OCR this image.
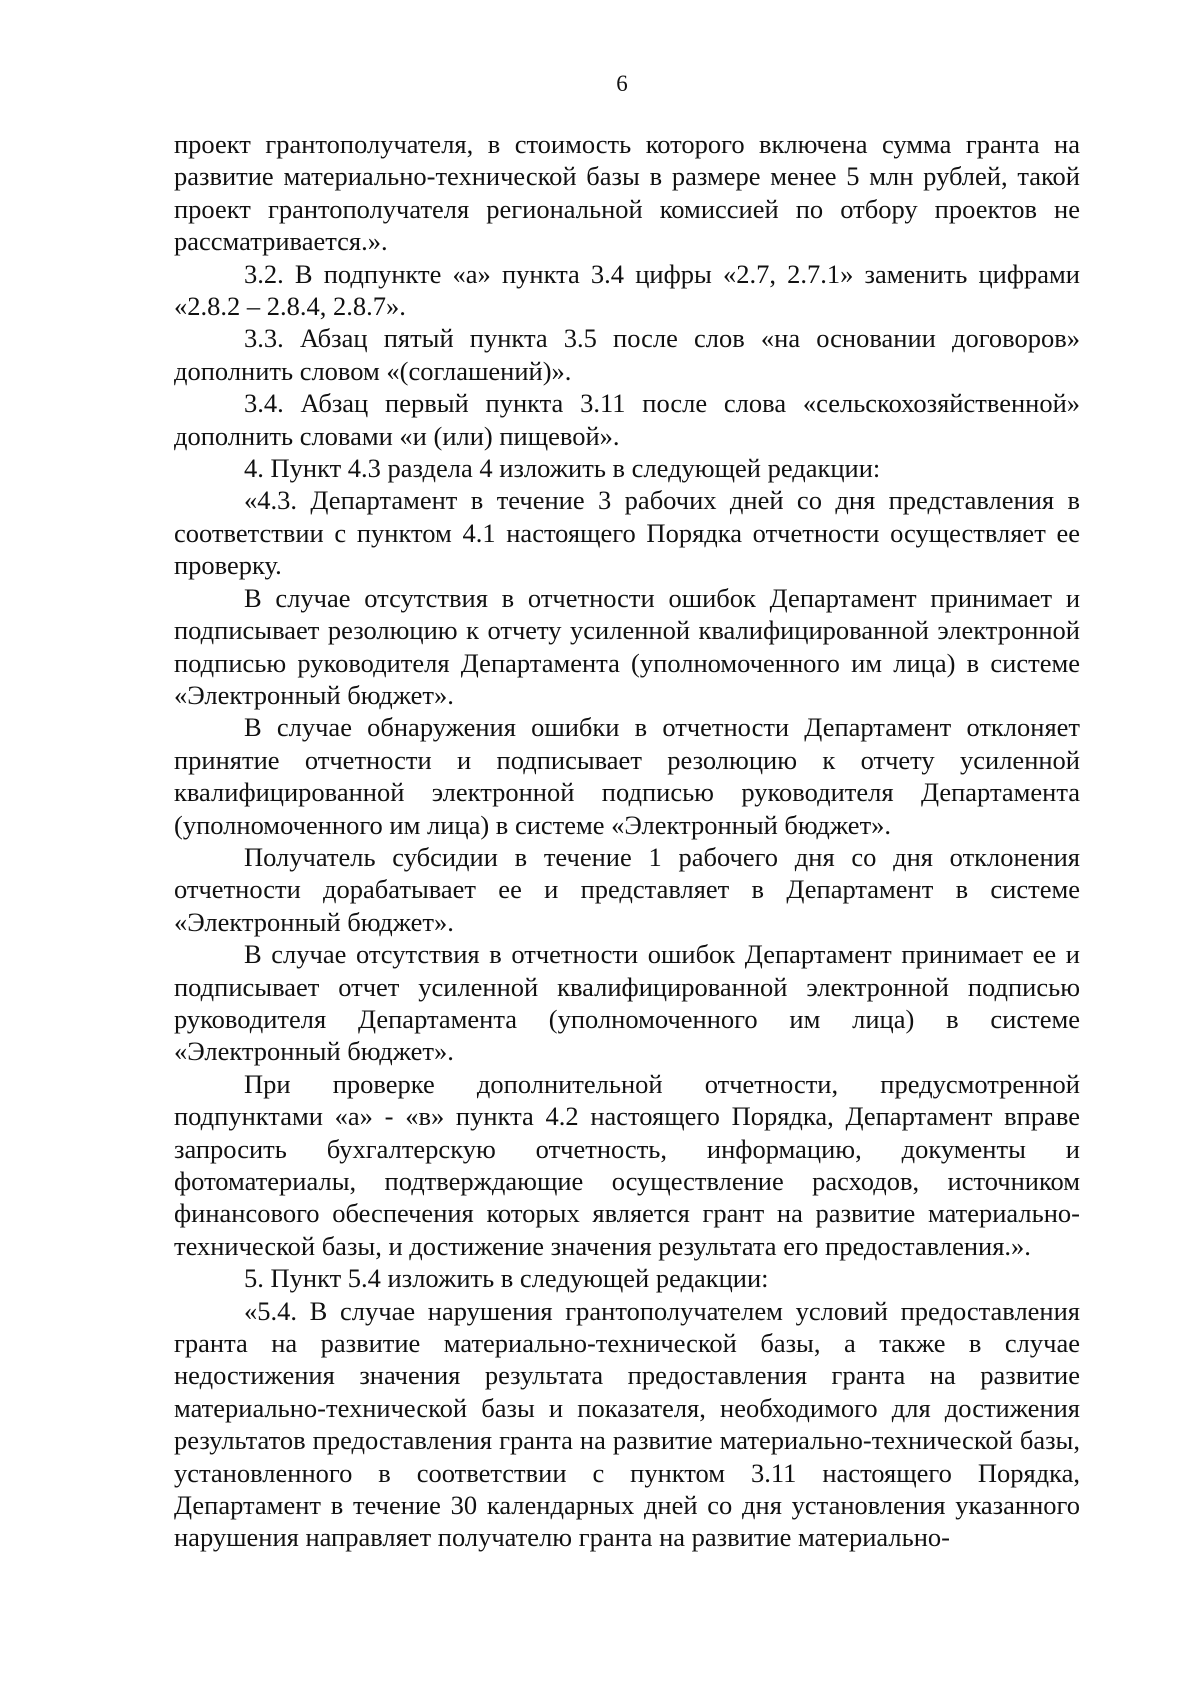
6

проект грантополучателя, в стоимость которого включена сумма гранта на развитие материально-технической базы в размере менее 5 млн рублей, такой проект грантополучателя региональной комиссией по отбору проектов не рассматривается.».

3.2. В подпункте «а» пункта 3.4 цифры «2.7, 2.7.1» заменить цифрами «2.8.2 – 2.8.4, 2.8.7».

3.3. Абзац пятый пункта 3.5 после слов «на основании договоров» дополнить словом «(соглашений)».

3.4. Абзац первый пункта 3.11 после слова «сельскохозяйственной» дополнить словами «и (или) пищевой».

4. Пункт 4.3 раздела 4 изложить в следующей редакции:

«4.3. Департамент в течение 3 рабочих дней со дня представления в соответствии с пунктом 4.1 настоящего Порядка отчетности осуществляет ее проверку.

В случае отсутствия в отчетности ошибок Департамент принимает и подписывает резолюцию к отчету усиленной квалифицированной электронной подписью руководителя Департамента (уполномоченного им лица) в системе «Электронный бюджет».

В случае обнаружения ошибки в отчетности Департамент отклоняет принятие отчетности и подписывает резолюцию к отчету усиленной квалифицированной электронной подписью руководителя Департамента (уполномоченного им лица) в системе «Электронный бюджет».

Получатель субсидии в течение 1 рабочего дня со дня отклонения отчетности дорабатывает ее и представляет в Департамент в системе «Электронный бюджет».

В случае отсутствия в отчетности ошибок Департамент принимает ее и подписывает отчет усиленной квалифицированной электронной подписью руководителя Департамента (уполномоченного им лица) в системе «Электронный бюджет».

При проверке дополнительной отчетности, предусмотренной подпунктами «а» - «в» пункта 4.2 настоящего Порядка, Департамент вправе запросить бухгалтерскую отчетность, информацию, документы и фотоматериалы, подтверждающие осуществление расходов, источником финансового обеспечения которых является грант на развитие материально-технической базы, и достижение значения результата его предоставления.».

5. Пункт 5.4 изложить в следующей редакции:

«5.4. В случае нарушения грантополучателем условий предоставления гранта на развитие материально-технической базы, а также в случае недостижения значения результата предоставления гранта на развитие материально-технической базы и показателя, необходимого для достижения результатов предоставления гранта на развитие материально-технической базы, установленного в соответствии с пунктом 3.11 настоящего Порядка, Департамент в течение 30 календарных дней со дня установления указанного нарушения направляет получателю гранта на развитие материально-
